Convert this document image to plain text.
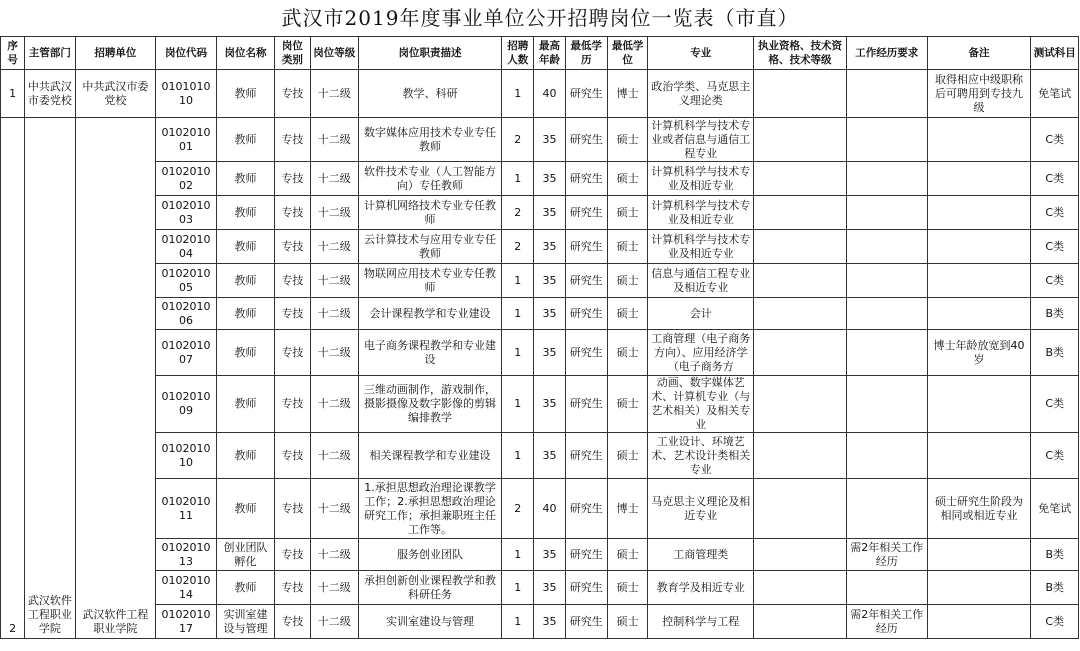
武汉市2019年度事业单位公开招聘岗位一览表（市直）
序号	主管部门	招聘单位	岗位代码	岗位名称	岗位类别	岗位等级	岗位职责描述	招聘人数	最高年龄	最低学历	最低学位	专业	执业资格、技术资格、技术等级	工作经历要求	备注	测试科目
1	中共武汉市委党校	中共武汉市委党校	010101010	教师	专技	十二级	教学、科研	1	40	研究生	博士	政治学类、马克思主义理论类			取得相应中级职称后可聘用到专技九级	免笔试
2	武汉软件工程职业学院	武汉软件工程职业学院	010201001	教师	专技	十二级	数字媒体应用技术专业专任教师	2	35	研究生	硕士	计算机科学与技术专业或者信息与通信工程专业				C类
			010201002	教师	专技	十二级	软件技术专业（人工智能方向）专任教师	1	35	研究生	硕士	计算机科学与技术专业及相近专业				C类
			010201003	教师	专技	十二级	计算机网络技术专业专任教师	2	35	研究生	硕士	计算机科学与技术专业及相近专业				C类
			010201004	教师	专技	十二级	云计算技术与应用专业专任教师	2	35	研究生	硕士	计算机科学与技术专业及相近专业				C类
			010201005	教师	专技	十二级	物联网应用技术专业专任教师	1	35	研究生	硕士	信息与通信工程专业及相近专业				C类
			010201006	教师	专技	十二级	会计课程教学和专业建设	1	35	研究生	硕士	会计				B类
			010201007	教师	专技	十二级	电子商务课程教学和专业建设	1	35	研究生	硕士	工商管理（电子商务方向）、应用经济学（电子商务方			博士年龄放宽到40岁	B类
			010201009	教师	专技	十二级	三维动画制作，游戏制作，摄影摄像及数字影像的剪辑编排教学	1	35	研究生	硕士	动画、数字媒体艺术、计算机专业（与艺术相关）及相关专业				C类
			010201010	教师	专技	十二级	相关课程教学和专业建设	1	35	研究生	硕士	工业设计、环境艺术、艺术设计类相关专业				C类
			010201011	教师	专技	十二级	1.承担思想政治理论课教学工作；2.承担思想政治理论研究工作；承担兼职班主任工作等。	2	40	研究生	博士	马克思主义理论及相近专业			硕士研究生阶段为相同或相近专业	免笔试
			010201013	创业团队孵化	专技	十二级	服务创业团队	1	35	研究生	硕士	工商管理类		需2年相关工作经历		B类
			010201014	教师	专技	十二级	承担创新创业课程教学和教科研任务	1	35	研究生	硕士	教育学及相近专业				B类
			010201017	实训室建设与管理	专技	十二级	实训室建设与管理	1	35	研究生	硕士	控制科学与工程		需2年相关工作经历		C类
